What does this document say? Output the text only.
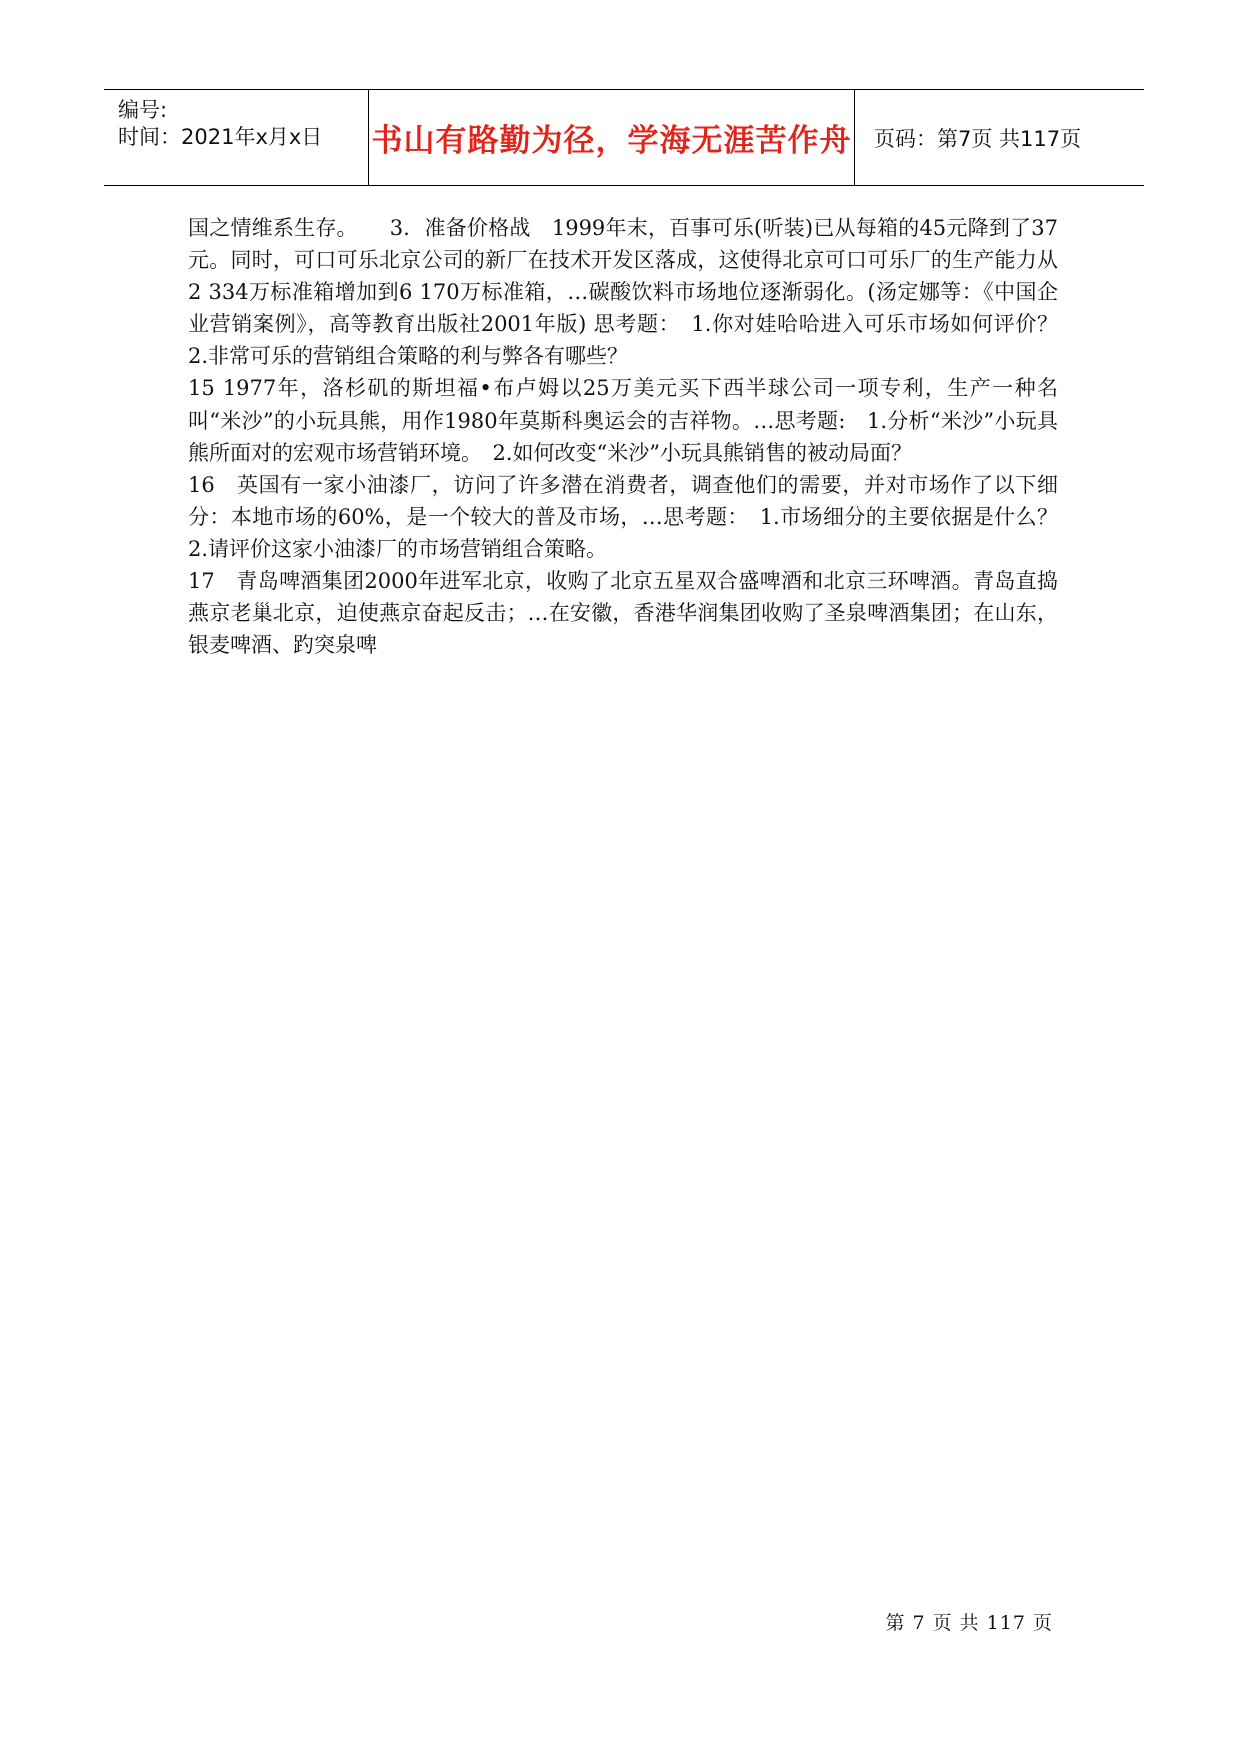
编号:
时间：2021年x月x日 书山有路勤为径，学海无涯苦作舟	页码：第7页 共117页

国之情维系生存。　　3．准备价格战　1999年末，百事可乐(听装)已从每箱的45元降到了37元。同时，可口可乐北京公司的新厂在技术开发区落成，这使得北京可口可乐厂的生产能力从2 334万标准箱增加到6 170万标准箱，…碳酸饮料市场地位逐渐弱化。(汤定娜等：《中国企业营销案例》，高等教育出版社2001年版) 思考题：　1.你对娃哈哈进入可乐市场如何评价？　2.非常可乐的营销组合策略的利与弊各有哪些？

15 1977年，洛杉矶的斯坦福•布卢姆以25万美元买下西半球公司一项专利，生产一种名叫“米沙”的小玩具熊，用作1980年莫斯科奥运会的吉祥物。…思考题:　1.分析“米沙”小玩具熊所面对的宏观市场营销环境。　2.如何改变“米沙”小玩具熊销售的被动局面？

16　英国有一家小油漆厂，访问了许多潜在消费者，调查他们的需要，并对市场作了以下细分：本地市场的60%，是一个较大的普及市场，…思考题：　1.市场细分的主要依据是什么？2.请评价这家小油漆厂的市场营销组合策略。

17　青岛啤酒集团2000年进军北京，收购了北京五星双合盛啤酒和北京三环啤酒。青岛直捣燕京老巢北京，迫使燕京奋起反击；…在安徽，香港华润集团收购了圣泉啤酒集团；在山东，银麦啤酒、趵突泉啤

第 7 页 共 117 页
